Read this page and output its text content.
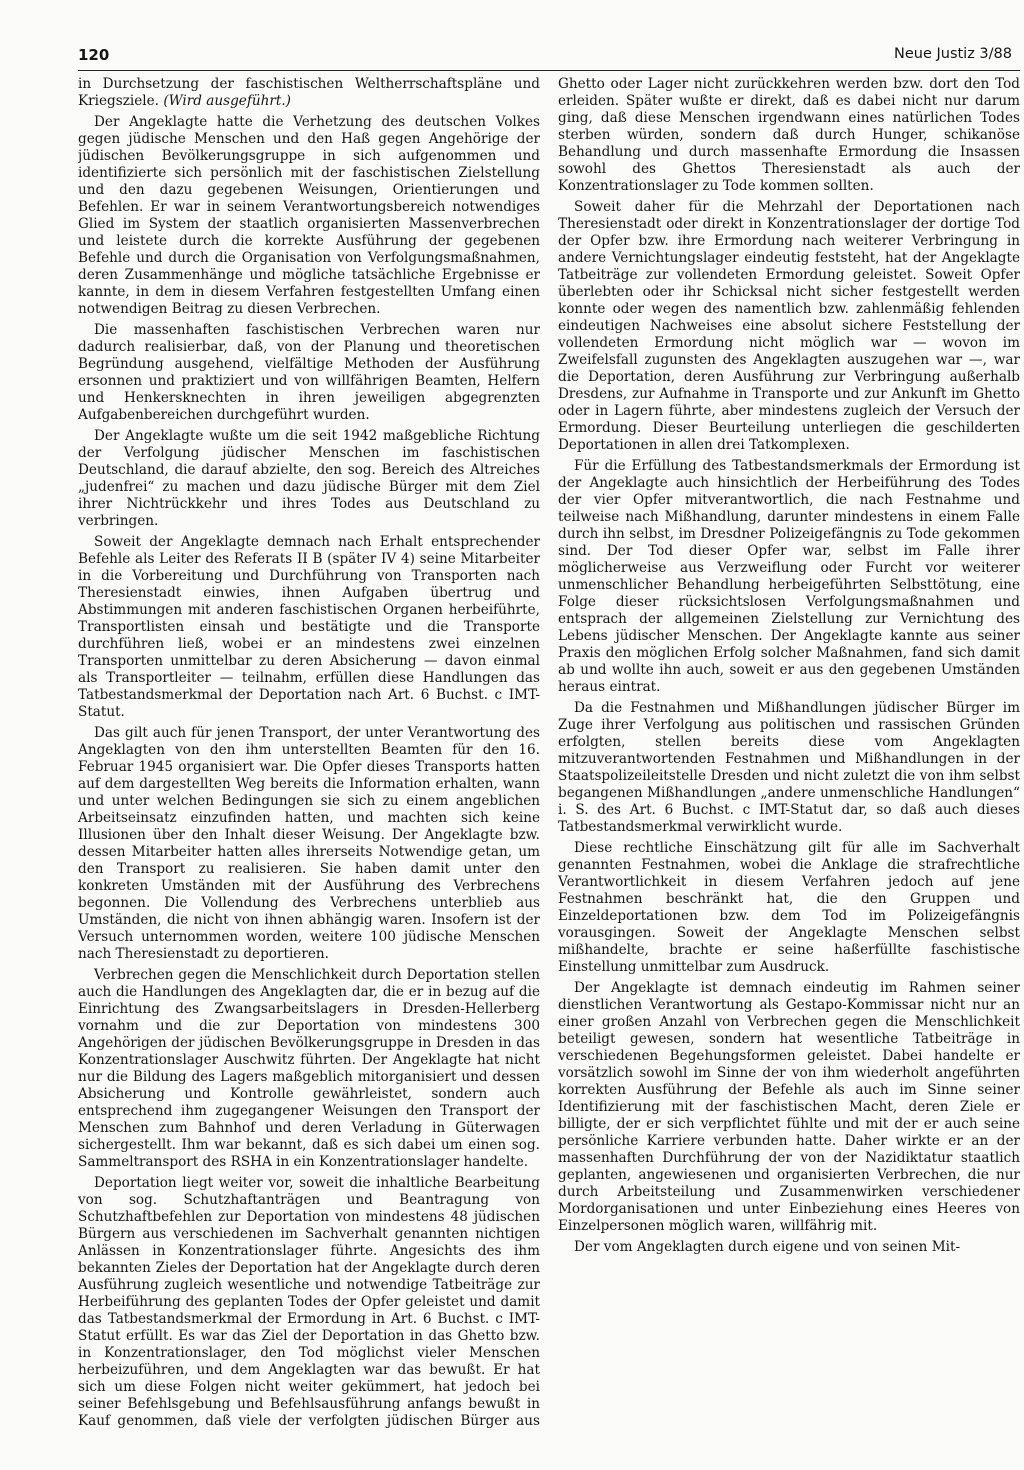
120	Neue Justiz 3/88

in Durchsetzung der faschistischen Weltherrschaftspläne und Kriegsziele. (Wird ausgeführt.)

Der Angeklagte hatte die Verhetzung des deutschen Volkes gegen jüdische Menschen und den Haß gegen Angehörige der jüdischen Bevölkerungsgruppe in sich aufgenommen und identifizierte sich persönlich mit der faschistischen Zielstellung und den dazu gegebenen Weisungen, Orientierungen und Befehlen. Er war in seinem Verantwortungsbereich notwendiges Glied im System der staatlich organisierten Massenverbrechen und leistete durch die korrekte Ausführung der gegebenen Befehle und durch die Organisation von Verfolgungsmaßnahmen, deren Zusammenhänge und mögliche tatsächliche Ergebnisse er kannte, in dem in diesem Verfahren festgestellten Umfang einen notwendigen Beitrag zu diesen Verbrechen.

Die massenhaften faschistischen Verbrechen waren nur dadurch realisierbar, daß, von der Planung und theoretischen Begründung ausgehend, vielfältige Methoden der Ausführung ersonnen und praktiziert und von willfährigen Beamten, Helfern und Henkersknechten in ihren jeweiligen abgegrenzten Aufgabenbereichen durchgeführt wurden.

Der Angeklagte wußte um die seit 1942 maßgebliche Richtung der Verfolgung jüdischer Menschen im faschistischen Deutschland, die darauf abzielte, den sog. Bereich des Altreiches „judenfrei“ zu machen und dazu jüdische Bürger mit dem Ziel ihrer Nichtrückkehr und ihres Todes aus Deutschland zu verbringen.

Soweit der Angeklagte demnach nach Erhalt entsprechender Befehle als Leiter des Referats II B (später IV 4) seine Mitarbeiter in die Vorbereitung und Durchführung von Transporten nach Theresienstadt einwies, ihnen Aufgaben übertrug und Abstimmungen mit anderen faschistischen Organen herbeiführte, Transportlisten einsah und bestätigte und die Transporte durchführen ließ, wobei er an mindestens zwei einzelnen Transporten unmittelbar zu deren Absicherung — davon einmal als Transportleiter — teilnahm, erfüllen diese Handlungen das Tatbestandsmerkmal der Deportation nach Art. 6 Buchst. c IMT-Statut.

Das gilt auch für jenen Transport, der unter Verantwortung des Angeklagten von den ihm unterstellten Beamten für den 16. Februar 1945 organisiert war. Die Opfer dieses Transports hatten auf dem dargestellten Weg bereits die Information erhalten, wann und unter welchen Bedingungen sie sich zu einem angeblichen Arbeitseinsatz einzufinden hatten, und machten sich keine Illusionen über den Inhalt dieser Weisung. Der Angeklagte bzw. dessen Mitarbeiter hatten alles ihrerseits Notwendige getan, um den Transport zu realisieren. Sie haben damit unter den konkreten Umständen mit der Ausführung des Verbrechens begonnen. Die Vollendung des Verbrechens unterblieb aus Umständen, die nicht von ihnen abhängig waren. Insofern ist der Versuch unternommen worden, weitere 100 jüdische Menschen nach Theresienstadt zu deportieren.

Verbrechen gegen die Menschlichkeit durch Deportation stellen auch die Handlungen des Angeklagten dar, die er in bezug auf die Einrichtung des Zwangsarbeitslagers in Dresden-Hellerberg vornahm und die zur Deportation von mindestens 300 Angehörigen der jüdischen Bevölkerungsgruppe in Dresden in das Konzentrationslager Auschwitz führten. Der Angeklagte hat nicht nur die Bildung des Lagers maßgeblich mitorganisiert und dessen Absicherung und Kontrolle gewährleistet, sondern auch entsprechend ihm zugegangener Weisungen den Transport der Menschen zum Bahnhof und deren Verladung in Güterwagen sichergestellt. Ihm war bekannt, daß es sich dabei um einen sog. Sammeltransport des RSHA in ein Konzentrationslager handelte.

Deportation liegt weiter vor, soweit die inhaltliche Bearbeitung von sog. Schutzhaftanträgen und Beantragung von Schutzhaftbefehlen zur Deportation von mindestens 48 jüdischen Bürgern aus verschiedenen im Sachverhalt genannten nichtigen Anlässen in Konzentrationslager führte. Angesichts des ihm bekannten Zieles der Deportation hat der Angeklagte durch deren Ausführung zugleich wesentliche und notwendige Tatbeiträge zur Herbeiführung des geplanten Todes der Opfer geleistet und damit das Tatbestandsmerkmal der Ermordung in Art. 6 Buchst. c IMT-Statut erfüllt. Es war das Ziel der Deportation in das Ghetto bzw. in Konzentrationslager, den Tod möglichst vieler Menschen herbeizuführen, und dem Angeklagten war das bewußt. Er hat sich um diese Folgen nicht weiter gekümmert, hat jedoch bei seiner Befehlsgebung und Befehlsausführung anfangs bewußt in Kauf genommen, daß viele der verfolgten jüdischen Bürger aus Ghetto oder Lager nicht zurückkehren werden bzw. dort den Tod erleiden. Später wußte er direkt, daß es dabei nicht nur darum ging, daß diese Menschen irgendwann eines natürlichen Todes sterben würden, sondern daß durch Hunger, schikanöse Behandlung und durch massenhafte Ermordung die Insassen sowohl des Ghettos Theresienstadt als auch der Konzentrationslager zu Tode kommen sollten.

Soweit daher für die Mehrzahl der Deportationen nach Theresienstadt oder direkt in Konzentrationslager der dortige Tod der Opfer bzw. ihre Ermordung nach weiterer Verbringung in andere Vernichtungslager eindeutig feststeht, hat der Angeklagte Tatbeiträge zur vollendeten Ermordung geleistet. Soweit Opfer überlebten oder ihr Schicksal nicht sicher festgestellt werden konnte oder wegen des namentlich bzw. zahlenmäßig fehlenden eindeutigen Nachweises eine absolut sichere Feststellung der vollendeten Ermordung nicht möglich war — wovon im Zweifelsfall zugunsten des Angeklagten auszugehen war —, war die Deportation, deren Ausführung zur Verbringung außerhalb Dresdens, zur Aufnahme in Transporte und zur Ankunft im Ghetto oder in Lagern führte, aber mindestens zugleich der Versuch der Ermordung. Dieser Beurteilung unterliegen die geschilderten Deportationen in allen drei Tatkomplexen.

Für die Erfüllung des Tatbestandsmerkmals der Ermordung ist der Angeklagte auch hinsichtlich der Herbeiführung des Todes der vier Opfer mitverantwortlich, die nach Festnahme und teilweise nach Mißhandlung, darunter mindestens in einem Falle durch ihn selbst, im Dresdner Polizeigefängnis zu Tode gekommen sind. Der Tod dieser Opfer war, selbst im Falle ihrer möglicherweise aus Verzweiflung oder Furcht vor weiterer unmenschlicher Behandlung herbeigeführten Selbsttötung, eine Folge dieser rücksichtslosen Verfolgungsmaßnahmen und entsprach der allgemeinen Zielstellung zur Vernichtung des Lebens jüdischer Menschen. Der Angeklagte kannte aus seiner Praxis den möglichen Erfolg solcher Maßnahmen, fand sich damit ab und wollte ihn auch, soweit er aus den gegebenen Umständen heraus eintrat.

Da die Festnahmen und Mißhandlungen jüdischer Bürger im Zuge ihrer Verfolgung aus politischen und rassischen Gründen erfolgten, stellen bereits diese vom Angeklagten mitzuverantwortenden Festnahmen und Mißhandlungen in der Staatspolizeileitstelle Dresden und nicht zuletzt die von ihm selbst begangenen Mißhandlungen „andere unmenschliche Handlungen“ i. S. des Art. 6 Buchst. c IMT-Statut dar, so daß auch dieses Tatbestandsmerkmal verwirklicht wurde.

Diese rechtliche Einschätzung gilt für alle im Sachverhalt genannten Festnahmen, wobei die Anklage die strafrechtliche Verantwortlichkeit in diesem Verfahren jedoch auf jene Festnahmen beschränkt hat, die den Gruppen und Einzeldeportationen bzw. dem Tod im Polizeigefängnis vorausgingen. Soweit der Angeklagte Menschen selbst mißhandelte, brachte er seine haßerfüllte faschistische Einstellung unmittelbar zum Ausdruck.

Der Angeklagte ist demnach eindeutig im Rahmen seiner dienstlichen Verantwortung als Gestapo-Kommissar nicht nur an einer großen Anzahl von Verbrechen gegen die Menschlichkeit beteiligt gewesen, sondern hat wesentliche Tatbeiträge in verschiedenen Begehungsformen geleistet. Dabei handelte er vorsätzlich sowohl im Sinne der von ihm wiederholt angeführten korrekten Ausführung der Befehle als auch im Sinne seiner Identifizierung mit der faschistischen Macht, deren Ziele er billigte, der er sich verpflichtet fühlte und mit der er auch seine persönliche Karriere verbunden hatte. Daher wirkte er an der massenhaften Durchführung der von der Nazidiktatur staatlich geplanten, angewiesenen und organisierten Verbrechen, die nur durch Arbeitsteilung und Zusammenwirken verschiedener Mordorganisationen und unter Einbeziehung eines Heeres von Einzelpersonen möglich waren, willfährig mit.

Der vom Angeklagten durch eigene und von seinen Mit-
